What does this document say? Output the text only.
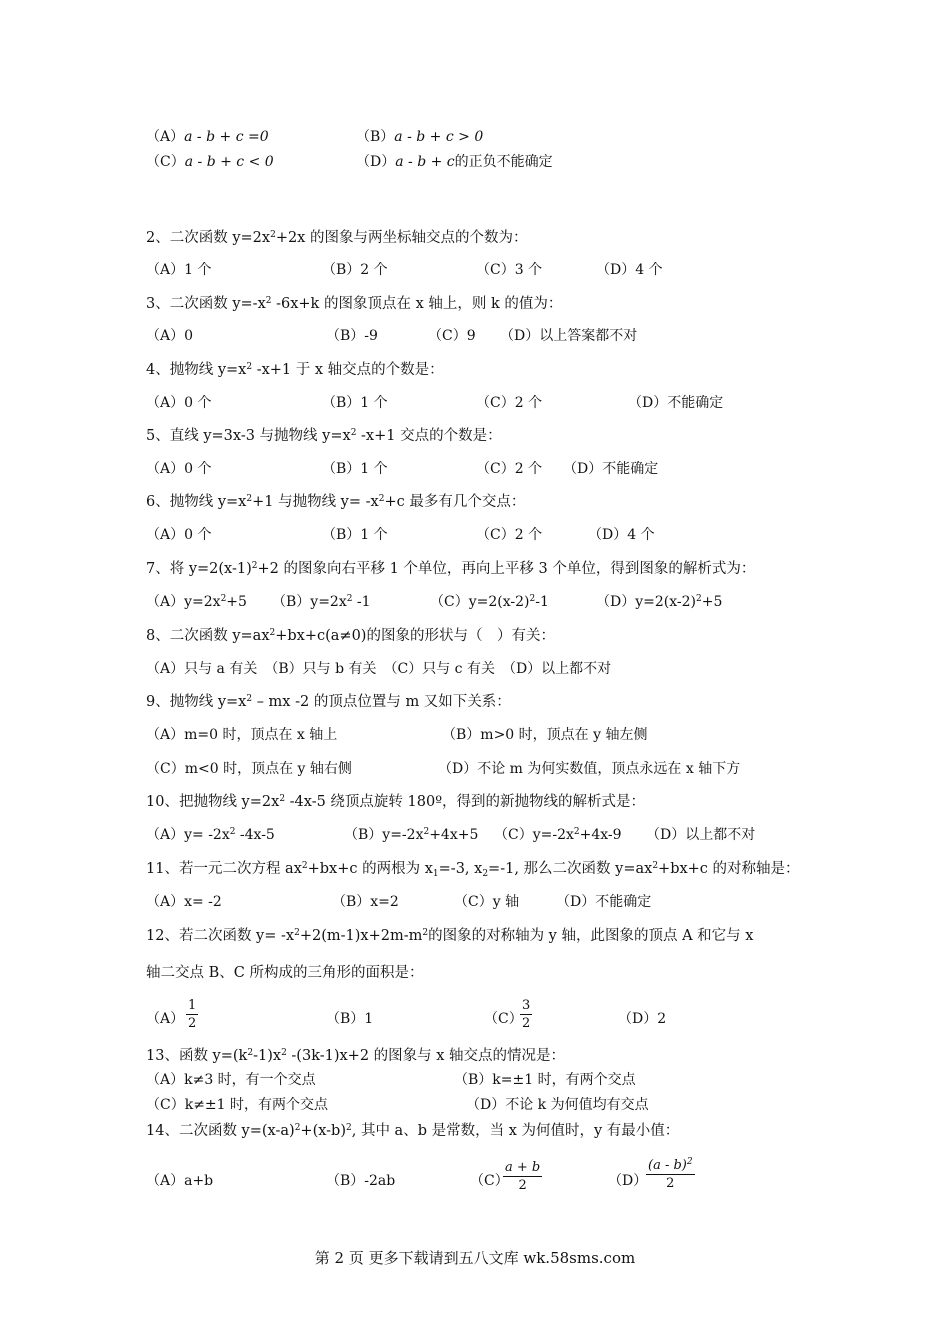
（A）a - b + c =0	（B）a - b + c > 0
（C）a - b + c < 0	（D）a - b + c的正负不能确定
2、二次函数 $y=2x^2+2x$ 的图象与两坐标轴交点的个数为：
（A）1 个	（B）2 个	（C）3 个	（D）4 个
3、二次函数 $y=-x^2$ -6x+k 的图象顶点在 x 轴上，则 k 的值为：
（A）0	（B）-9	（C）9 （D）以上答案都不对
4、抛物线 $y=x^2$ -x+1 于 x 轴交点的个数是：
（A）0 个	（B）1 个	（C）2 个	（D）不能确定
5、直线 y=3x-3 与抛物线 $y=x^2$ -x+1 交点的个数是：
（A）0 个	（B）1 个	（C）2 个 （D）不能确定
6、抛物线 $y=x^2+1$ 与抛物线 $y= -x^2+c$ 最多有几个交点：
（A）0 个	（B）1 个	（C）2 个	（D）4 个
7、将 $y=2(x-1)^2+2$ 的图象向右平移 1 个单位，再向上平移 3 个单位，得到图象的解析式为：
$(A)y=2x^2+5$ $(B)y=2x^2$ -1	$(C)y=2(x-2)^2-1$	$(D)y=2(x-2)^2+5$
8、二次函数 $y=ax^2+bx+c(a\ne 0)$的图象的形状与（　）有关：
（A）只与 a 有关　（B）只与 b 有关　（C）只与 c 有关　（D）以上都不对
9、抛物线 $y=x^2$ – mx -2 的顶点位置与 m 又如下关系：
（A）m=0 时，顶点在 x 轴上	（B）m>0 时，顶点在 y 轴左侧
（C）m<0 时，顶点在 y 轴右侧	（D）不论 m 为何实数值，顶点永远在 x 轴下方
10、把抛物线 $y=2x^2$ -4x-5 绕顶点旋转 180º，得到的新抛物线的解析式是：
$(A)y= -2x^2$ -4x-5	$(B)y=-2x^2+4x+5$ $(C)y=-2x^2+4x-9$ （D）以上都不对
11、若一元二次方程 $ax^2+bx+c$ 的两根为 $x_1=-3$, $x_2=-1$, 那么二次函数 $y=ax^2+bx+c$ 的对称轴是：
（A）x= -2	（B）x=2	（C）y 轴	（D）不能确定
12、若二次函数 $y= -x^2+2(m-1)x+2m-m^2$的图象的对称轴为 y 轴，此图象的顶点 A 和它与 x
轴二交点 B、C 所构成的三角形的面积是：
（A）
1
2	（B）1	（C）
3
2	（D）2
13、函数 $y=(k^2-1)x^2$ -(3k-1)x+2 的图象与 x 轴交点的情况是：
（A）k≠3 时，有一个交点	（B）k=±1 时，有两个交点
（C）k≠±1 时，有两个交点	（D）不论 k 为何值均有交点
14、二次函数 $y=(x-a)^2+(x-b)^2$, 其中 a、b 是常数，当 x 为何值时，y 有最小值：
（A）a+b	（B）-2ab	（C）
a + b
2	（D）
(a - b)$^2$
2
第 2 页 更多下载请到五八文库 wk.58sms.com
